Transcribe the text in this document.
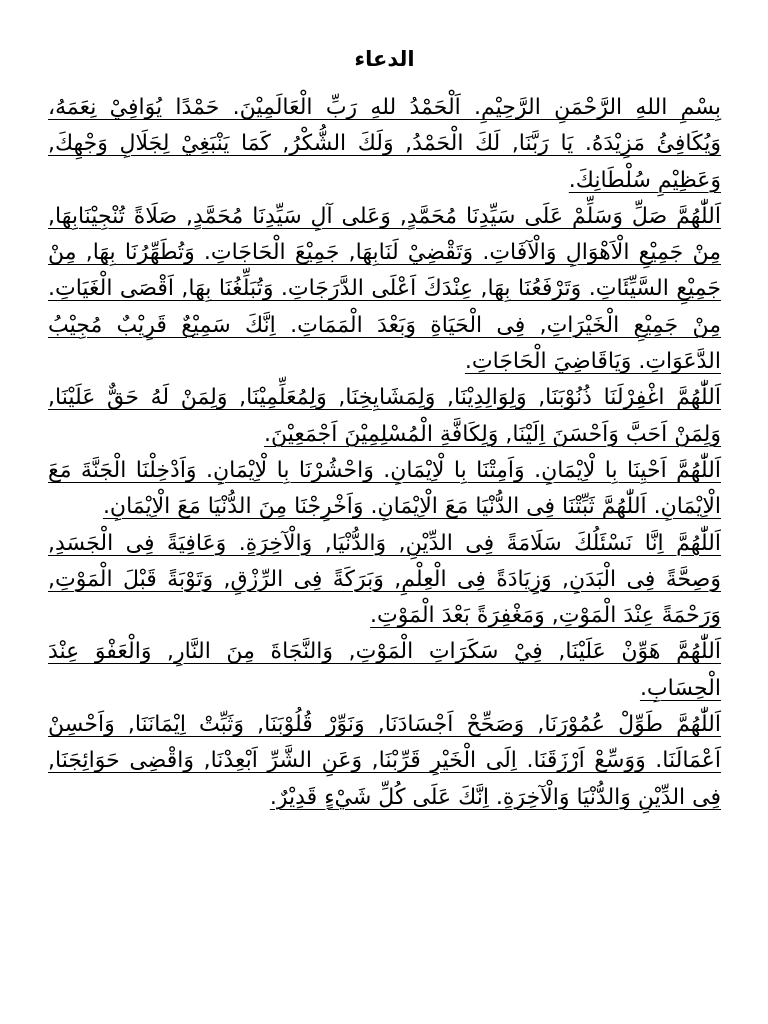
الدعاء

بِسْمِ اللهِ الرَّحْمَنِ الرَّحِيْمِ. اَلْحَمْدُ للهِ رَبِّ الْعَالَمِيْنَ. حَمْدًا يُوَافِيْ نِعَمَهُ، وَيُكَافِئُ مَزِيْدَهُ. يَا رَبَّنَا, لَكَ الْحَمْدُ, وَلَكَ الشُّكْرُ, كَمَا يَنْبَغِيْ لِجَلَالِ وَجْهِكَ, وَعَظِيْمِ سُلْطَانِكَ.

اَللّٰهُمَّ صَلِّ وَسَلِّمْ عَلَى سَيِّدِنَا مُحَمَّدٍ, وَعَلى آلِ سَيِّدِنَا مُحَمَّدٍ, صَلَاةً تُنْجِيْنَابِهَا, مِنْ جَمِيْعِ الْاَهْوَالِ وَالْآفَاتِ. وَتَقْضِيْ لَنَابِهَا, جَمِيْعَ الْحَاجَاتِ. وَتُطَهِّرُنَا بِهَا, مِنْ جَمِيْعِ السَّيِّئَاتِ. وَتَرْفَعُنَا بِهَا, عِنْدَكَ اَعْلَى الدَّرَجَاتِ. وَتُبَلِّغُنَا بِهَا, اَقْصَى الْغَيَاتِ. مِنْ جَمِيْعِ الْخَيْرَاتِ, فِى الْحَيَاةِ وَبَعْدَ الْمَمَاتِ. اِنَّكَ سَمِيْعٌ قَرِيْبٌ مُجِيْبُ الدَّعَوَاتِ. وَيَاقَاضِيَ الْحَاجَاتِ.

اَللّٰهُمَّ اغْفِرْلَنَا ذُنُوْبَنَا, وَلِوَالِدِيْنَا, وَلِمَشَايِخِنَا, وَلِمُعَلِّمِيْنَا, وَلِمَنْ لَهُ حَقٌّ عَلَيْنَا, وَلِمَنْ اَحَبَّ وَاَحْسَنَ اِلَيْنَا, وَلِكَافَّةِ الْمُسْلِمِيْنَ اَجْمَعِيْنَ.

اَللّٰهُمَّ اَحْيِنَا بِا لْاِيْمَانِ. وَاَمِتْنَا بِا لْاِيْمَانِ. وَاحْشُرْنَا بِا لْاِيْمَانِ. وَاَدْخِلْنَا الْجَنَّةَ مَعَ الْاِيْمَانِ. اَللّٰهُمَّ ثَبِّتْنَا فِى الدُّنْيَا مَعَ الْاِيْمَانِ. وَاَخْرِجْنَا مِنَ الدُّنْيَا مَعَ الْاِيْمَانِ.

اَللّٰهُمَّ اِنَّا نَسْئَلُكَ سَلَامَةً فِى الدِّيْنِ, وَالدُّنْيَا, وَالْآخِرَةِ. وَعَافِيَةً فِى الْجَسَدِ, وَصِحَّةً فِى الْبَدَنِ, وَزِيَادَةً فِى الْعِلْمِ, وَبَرَكَةً فِى الرِّزْقِ, وَتَوْبَةً قَبْلَ الْمَوْتِ, وَرَحْمَةً عِنْدَ الْمَوْتِ, وَمَغْفِرَةً بَعْدَ الْمَوْتِ.

اَللّٰهُمَّ هَوِّنْ عَلَيْنَا, فِيْ سَكَرَاتِ الْمَوْتِ, وَالنَّجَاةَ مِنَ النَّارِ, وَالْعَفْوَ عِنْدَ الْحِسَابِ.

اَللّٰهُمَّ طَوِّلْ عُمُوْرَنَا, وَصَحِّحْ اَجْسَادَنَا, وَنَوِّرْ قُلُوْبَنَا, وَثَبِّتْ اِيْمَانَنَا, وَاَحْسِنْ اَعْمَالَنَا. وَوَسِّعْ اَرْزَقَنَا. اِلَى الْخَيْرِ قَرِّبْنَا, وَعَنِ الشَّرِّ اَبْعِدْنَا, وَاقْضِى حَوَائِجَنَا, فِى الدِّيْنِ وَالدُّنْيَا وَالْآخِرَةِ. اِنَّكَ عَلَى كُلِّ شَيْءٍ قَدِيْرٌ.
